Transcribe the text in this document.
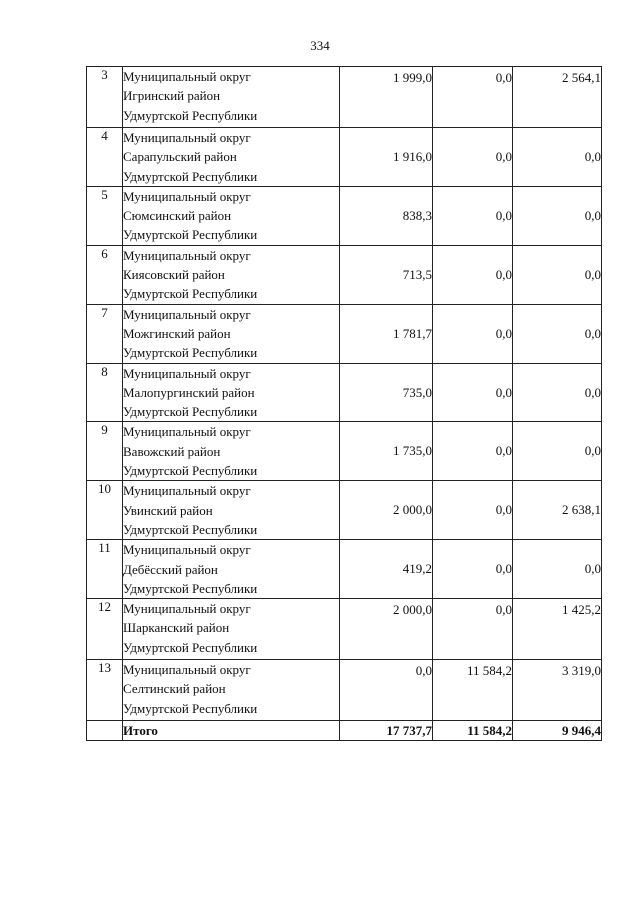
334
3	Муниципальный округ
Игринский район
Удмуртской Республики	1 999,0	0,0	2 564,1
4	Муниципальный округ
Сарапульский район
Удмуртской Республики	1 916,0	0,0	0,0
5	Муниципальный округ
Сюмсинский район
Удмуртской Республики	838,3	0,0	0,0
6	Муниципальный округ
Киясовский район
Удмуртской Республики	713,5	0,0	0,0
7	Муниципальный округ
Можгинский район
Удмуртской Республики	1 781,7	0,0	0,0
8	Муниципальный округ
Малопургинский район
Удмуртской Республики	735,0	0,0	0,0
9	Муниципальный округ
Вавожский район
Удмуртской Республики	1 735,0	0,0	0,0
10	Муниципальный округ
Увинский район
Удмуртской Республики	2 000,0	0,0	2 638,1
11	Муниципальный округ
Дебёсский район
Удмуртской Республики	419,2	0,0	0,0
12	Муниципальный округ
Шарканский район
Удмуртской Республики	2 000,0	0,0	1 425,2
13	Муниципальный округ
Селтинский район
Удмуртской Республики	0,0	11 584,2	3 319,0
	Итого	17 737,7	11 584,2	9 946,4
